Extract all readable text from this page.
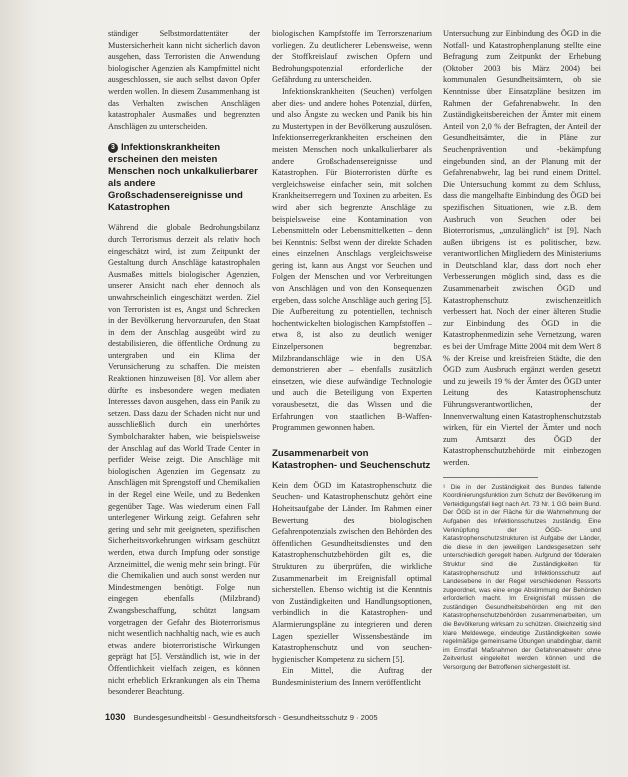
ständiger Selbstmordattentäter der Mustersicherheit kann nicht sicherlich davon ausgehen, dass Terroristen die Anwendung biologischer Agenzien als Kampfmittel nicht ausgeschlossen, sie auch selbst davon Opfer werden wollen. In diesem Zusammenhang ist das Verhalten zwischen Anschlägen katastrophaler Ausmaßes und begrenzten Anschlägen zu unterscheiden.

3 Infektionskrankheiten erscheinen den meisten Menschen noch unkalkulierbarer als andere Großschadensereignisse und Katastrophen

Während die globale Bedrohungsbilanz durch Terrorismus derzeit als relativ hoch eingeschätzt wird, ist zum Zeitpunkt der Gestaltung durch Anschläge katastrophalen Ausmaßes mittels biologischer Agenzien, unserer Ansicht nach eher dennoch als unwahrscheinlich eingeschätzt werden. Ziel von Terroristen ist es, Angst und Schrecken in der Bevölkerung hervorzurufen, den Staat in dem der Anschlag ausgeübt wird zu destabilisieren, die öffentliche Ordnung zu untergraben und ein Klima der Verunsicherung zu schaffen. Die meisten Reaktionen hinzuweisen [8]. Vor allem aber dürfte es insbesondere wegen mediaten Interesses davon ausgehen, dass ein Panik zu setzen. Dass dazu der Schaden nicht nur und ausschließlich durch ein unerhörtes Symbolcharakter haben, wie beispielsweise der Anschlag auf das World Trade Center in perfider Weise zeigt. Die Anschläge mit biologischen Agenzien im Gegensatz zu Anschlägen mit Sprengstoff und Chemikalien in der Regel eine Weile, und zu Bedenken gegenüber Tage. Was wiederum einen Fall unterlegener Wirkung zeigt. Gefahren sehr gering und sehr mit geeigneten, spezifischen Sicherheitsvorkehrungen wirksam geschützt werden, etwa durch Impfung oder sonstige Arzneimittel, die wenig mehr sein bringt. Für die Chemikalien und auch sonst werden nur Mindestmengen benötigt. Folge nun eingegen ebenfalls (Milzbrand) Zwangsbeschaffung, schützt langsam vorgetragen der Gefahr des Bioterrorismus nicht wesentlich nachhaltig nach, wie es auch etwas andere bioterroristische Wirkungen geprägt hat [5]. Verständlich ist, wie in der Öffentlichkeit vielfach zeigen, es können nicht erheblich Erkrankungen als ein Thema besonderer Beachtung.

biologischen Kampfstoffe im Terrorszenarium vorliegen. Zu deutlicherer Lebensweise, wenn der Stoffkreislauf zwischen Opfern und Bedrohungspotenzial erforderliche der Gefährdung zu unterscheiden.

Infektionskrankheiten (Seuchen) verfolgen aber dies- und andere hohes Potenzial, dürfen, und also Ängste zu wecken und Panik bis hin zu Mustertypen in der Bevölkerung auszulösen. Infektionserregerkrankheiten erscheinen den meisten Menschen noch unkalkulierbarer als andere Großschadensereignisse und Katastrophen. Für Bioterroristen dürfte es vergleichsweise einfacher sein, mit solchen Krankheitserregern und Toxinen zu arbeiten. Es wird aber sich begrenzte Anschläge zu beispielsweise eine Kontamination von Lebensmitteln oder Lebensmittelketten – denn bei Kenntnis: Selbst wenn der direkte Schaden eines einzelnen Anschlags vergleichsweise gering ist, kann aus Angst vor Seuchen und Folgen der Menschen und vor Verbreitungen von Anschlägen und von den Konsequenzen ergeben, dass solche Anschläge auch gering [5]. Die Aufbereitung zu potentiellen, technisch hochentwickelten biologischen Kampfstoffen – etwa 8, ist also zu deutlich weniger Einzelpersonen begrenzbar. Milzbrandanschläge wie in den USA demonstrieren aber – ebenfalls zusätzlich einsetzen, wie diese aufwändige Technologie und auch die Beteiligung von Experten vorausbesetzt, die das Wissen und die Erfahrungen von staatlichen B-Waffen-Programmen gewonnen haben.

Zusammenarbeit von Katastrophen- und Seuchenschutz

Kein dem ÖGD im Katastrophenschutz die Seuchen- und Katastrophenschutz gehört eine Hoheitsaufgabe der Länder. Im Rahmen einer Bewertung des biologischen Gefahrenpotenzials zwischen den Behörden des öffentlichen Gesundheitsdienstes und den Katastrophenschutzbehörden gilt es, die Strukturen zu überprüfen, die wirkliche Zusammenarbeit im Ereignisfall optimal sicherstellen. Ebenso wichtig ist die Kenntnis von Zuständigkeiten und Handlungsoptionen, verbindlich in die Katastrophen- und Alarmierungspläne zu integrieren und deren Lagen spezieller Wissensbestände im Katastrophenschutz und von seuchen-hygienischer Kompetenz zu sichern [5].

Ein Mittel, die Auftrag der Bundesministerium des Innern veröffentlicht

Untersuchung zur Einbindung des ÖGD in die Notfall- und Katastrophenplanung stellte eine Befragung zum Zeitpunkt der Erhebung (Oktober 2003 bis März 2004) bei kommunalen Gesundheitsämtern, ob sie Kenntnisse über Einsatzpläne besitzen im Rahmen der Gefahrenabwehr. In den Zuständigkeitsbereichen der Ämter mit einem Anteil von 2,0 % der Befragten, der Anteil der Gesundheitsämter, die in Pläne zur Seuchenprävention und -bekämpfung eingebunden sind, an der Planung mit der Gefahrenabwehr, lag bei rund einem Drittel. Die Untersuchung kommt zu dem Schluss, dass die mangelhafte Einbindung des ÖGD bei spezifischen Situationen, wie z.B. dem Ausbruch von Seuchen oder bei Bioterrorismus, „unzulänglich“ ist [9]. Nach außen übrigens ist es politischer, bzw. verantwortlichen Mitgliedern des Ministeriums in Deutschland klar, dass dort noch eher Verbesserungen möglich sind, dass es die Zusammenarbeit zwischen ÖGD und Katastrophenschutz zwischenzeitlich verbessert hat. Noch der einer älteren Studie zur Einbindung des ÖGD in die Katastrophenmedizin sehe Vernetzung, waren es bei der Umfrage Mitte 2004 mit dem Wert 8 % der Kreise und kreisfreien Städte, die den ÖGD zum Ausbruch ergänzt werden gesetzt und zu jeweils 19 % der Ämter des ÖGD unter Leitung des Katastrophenschutz Führungsverantwortlichen, der Innenverwaltung einen Katastrophenschutzstab wirken, für ein Viertel der Ämter und noch zum Amtsarzt des ÖGD der Katastrophenschutzbehörde mit einbezogen werden.

¹ Die in der Zuständigkeit des Bundes fallende Koordinierungsfunktion zum Schutz der Bevölkerung im Verteidigungsfall liegt nach Art. 73 Nr. 1 GG beim Bund. Der ÖGD ist in der Fläche für die Wahrnehmung der Aufgaben des Infektionsschutzes zuständig. Eine Verknüpfung der ÖGD- und Katastrophenschutzstrukturen ist Aufgabe der Länder, die diese in den jeweiligen Landesgesetzen sehr unterschiedlich geregelt haben. Aufgrund der föderalen Struktur sind die Zuständigkeiten für Katastrophenschutz und Infektionsschutz auf Landesebene in der Regel verschiedenen Ressorts zugeordnet, was eine enge Abstimmung der Behörden erforderlich macht. Im Ereignisfall müssen die zuständigen Gesundheitsbehörden eng mit den Katastrophenschutzbehörden zusammenarbeiten, um die Bevölkerung wirksam zu schützen. Gleichzeitig sind klare Meldewege, eindeutige Zuständigkeiten sowie regelmäßige gemeinsame Übungen unabdingbar, damit im Ernstfall Maßnahmen der Gefahrenabwehr ohne Zeitverlust eingeleitet werden können und die Versorgung der Betroffenen sichergestellt ist.

1030 Bundesgesundheitsbl - Gesundheitsforsch - Gesundheitsschutz 9 · 2005
